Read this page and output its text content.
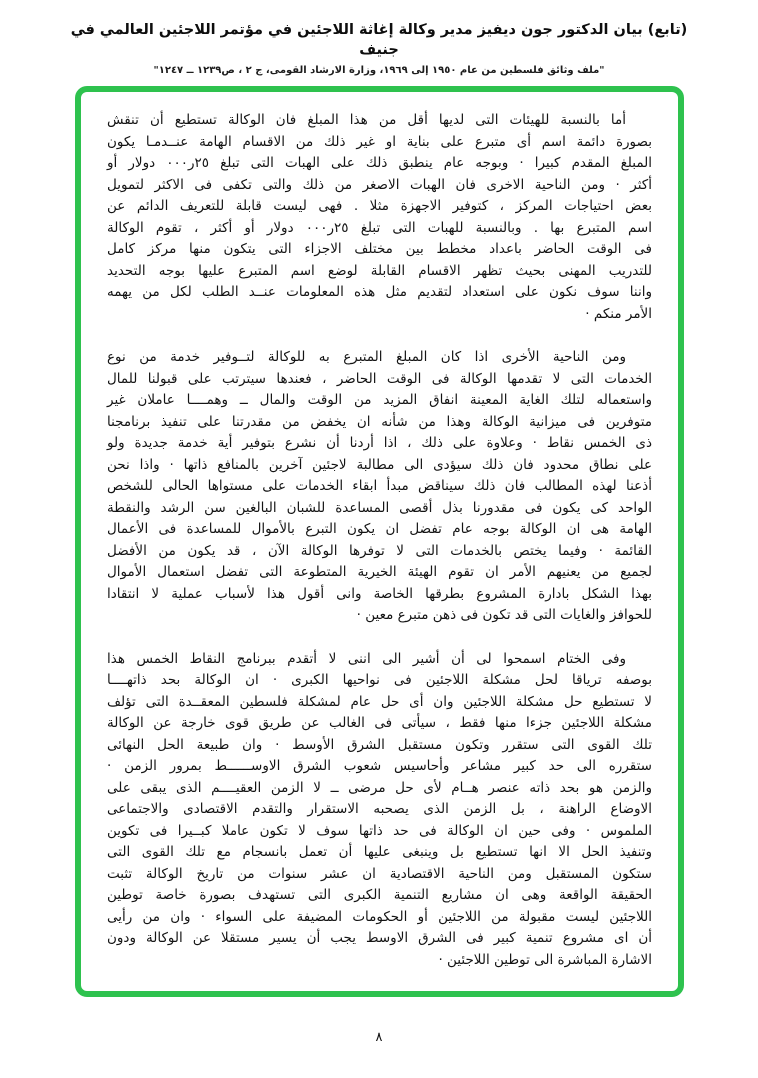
(تابع) بيان الدكتور جون ديفيز مدير وكالة إغاثة اللاجئين في مؤتمر اللاجئين العالمي في جنيف
"ملف وثائق فلسطين من عام ١٩٥٠ إلى ١٩٦٩، وزارة الارشاد القومى، ج ٢ ، ص١٢٣٩ ــ ١٢٤٧"
أما بالنسبة للهيئات التى لديها أقل من هذا المبلغ فان الوكالة تستطيع أن تنقش
بصورة دائمة اسم أى متبرع على بناية او غير ذلك من الاقسام الهامة عنــدمـا يكون
المبلغ المقدم كبيرا · وبوجه عام ينطبق ذلك على الهبات التى تبلغ ٢٥ر٠٠٠ دولار أو
أكثر · ومن الناحية الاخرى فان الهبات الاصغر من ذلك والتى تكفى فى الاكثر لتمويل
بعض احتياجات المركز ، كتوفير الاجهزة مثلا . فهى ليست قابلة للتعريف الدائم عن
اسم المتبرع بها . وبالنسبة للهبات التى تبلغ ٢٥ر٠٠٠ دولار أو أكثر ، تقوم الوكالة
فى الوقت الحاضر باعداد مخطط بين مختلف الاجزاء التى يتكون منها مركز كامل
للتدريب المهنى بحيث تظهر الاقسام القابلة لوضع اسم المتبرع عليها بوجه التحديد
واننا سوف نكون على استعداد لتقديم مثل هذه المعلومات عنــد الطلب لكل من يهمه
الأمر منكم ·
ومن الناحية الأخرى اذا كان المبلغ المتبرع به للوكالة لتــوفير خدمة من نوع
الخدمات التى لا تقدمها الوكالة فى الوقت الحاضر ، فعندها سيترتب على قبولنا للمال
واستعماله لتلك الغاية المعينة انفاق المزيد من الوقت والمال ــ وهمــــا عاملان غير
متوفرين فى ميزانية الوكالة وهذا من شأنه ان يخفض من مقدرتنا على تنفيذ برنامجنا
ذى الخمس نقاط · وعلاوة على ذلك ، اذا أردنا أن نشرع بتوفير أية خدمة جديدة ولو
على نطاق محدود فان ذلك سيؤدى الى مطالبة لاجئين آخرين بالمنافع ذاتها · واذا نحن
أذعنا لهذه المطالب فان ذلك سيناقض مبدأ ابقاء الخدمات على مستواها الحالى للشخص
الواحد كى يكون فى مقدورنا بذل أقصى المساعدة للشبان البالغين سن الرشد والنقطة
الهامة هى ان الوكالة بوجه عام تفضل ان يكون التبرع بالأموال للمساعدة فى الأعمال
القائمة · وفيما يختص بالخدمات التى لا توفرها الوكالة الآن ، قد يكون من الأفضل
لجميع من يعنيهم الأمر ان تقوم الهيئة الخيرية المتطوعة التى تفضل استعمال الأموال
بهذا الشكل بادارة المشروع بطرقها الخاصة وانى أقول هذا لأسباب عملية لا انتقادا
للحوافز والغايات التى قد تكون فى ذهن متبرع معين ·
وفى الختام اسمحوا لى أن أشير الى اننى لا أتقدم ببرنامج النقاط الخمس هذا
بوصفه ترياقا لحل مشكلة اللاجئين فى نواحيها الكبرى · ان الوكالة بحد ذاتهــــا
لا تستطيع حل مشكلة اللاجئين وان أى حل عام لمشكلة فلسطين المعقــدة التى تؤلف
مشكلة اللاجئين جزءا منها فقط ، سيأتى فى الغالب عن طريق قوى خارجة عن الوكالة
تلك القوى التى ستقرر وتكون مستقبل الشرق الأوسط · وان طبيعة الحل النهائى
ستقرره الى حد كبير مشاعر وأحاسيس شعوب الشرق الاوســــــط بمرور الزمن ·
والزمن هو بحد ذاته عنصر هــام لأى حل مرضى ــ لا الزمن العقيــــم الذى يبقى على
الاوضاع الراهنة ، بل الزمن الذى يصحبه الاستقرار والتقدم الاقتصادى والاجتماعى
الملموس · وفى حين ان الوكالة فى حد ذاتها سوف لا تكون عاملا كبــيرا فى تكوين
وتنفيذ الحل الا انها تستطيع بل وينبغى عليها أن تعمل بانسجام مع تلك القوى التى
ستكون المستقبل ومن الناحية الاقتصادية ان عشر سنوات من تاريخ الوكالة تثبت
الحقيقة الواقعة وهى ان مشاريع التنمية الكبرى التى تستهدف بصورة خاصة توطين
اللاجئين ليست مقبولة من اللاجئين أو الحكومات المضيفة على السواء · وان من رأيى
أن اى مشروع تنمية كبير فى الشرق الاوسط يجب أن يسير مستقلا عن الوكالة ودون
الاشارة المباشرة الى توطين اللاجئين ·
٨
